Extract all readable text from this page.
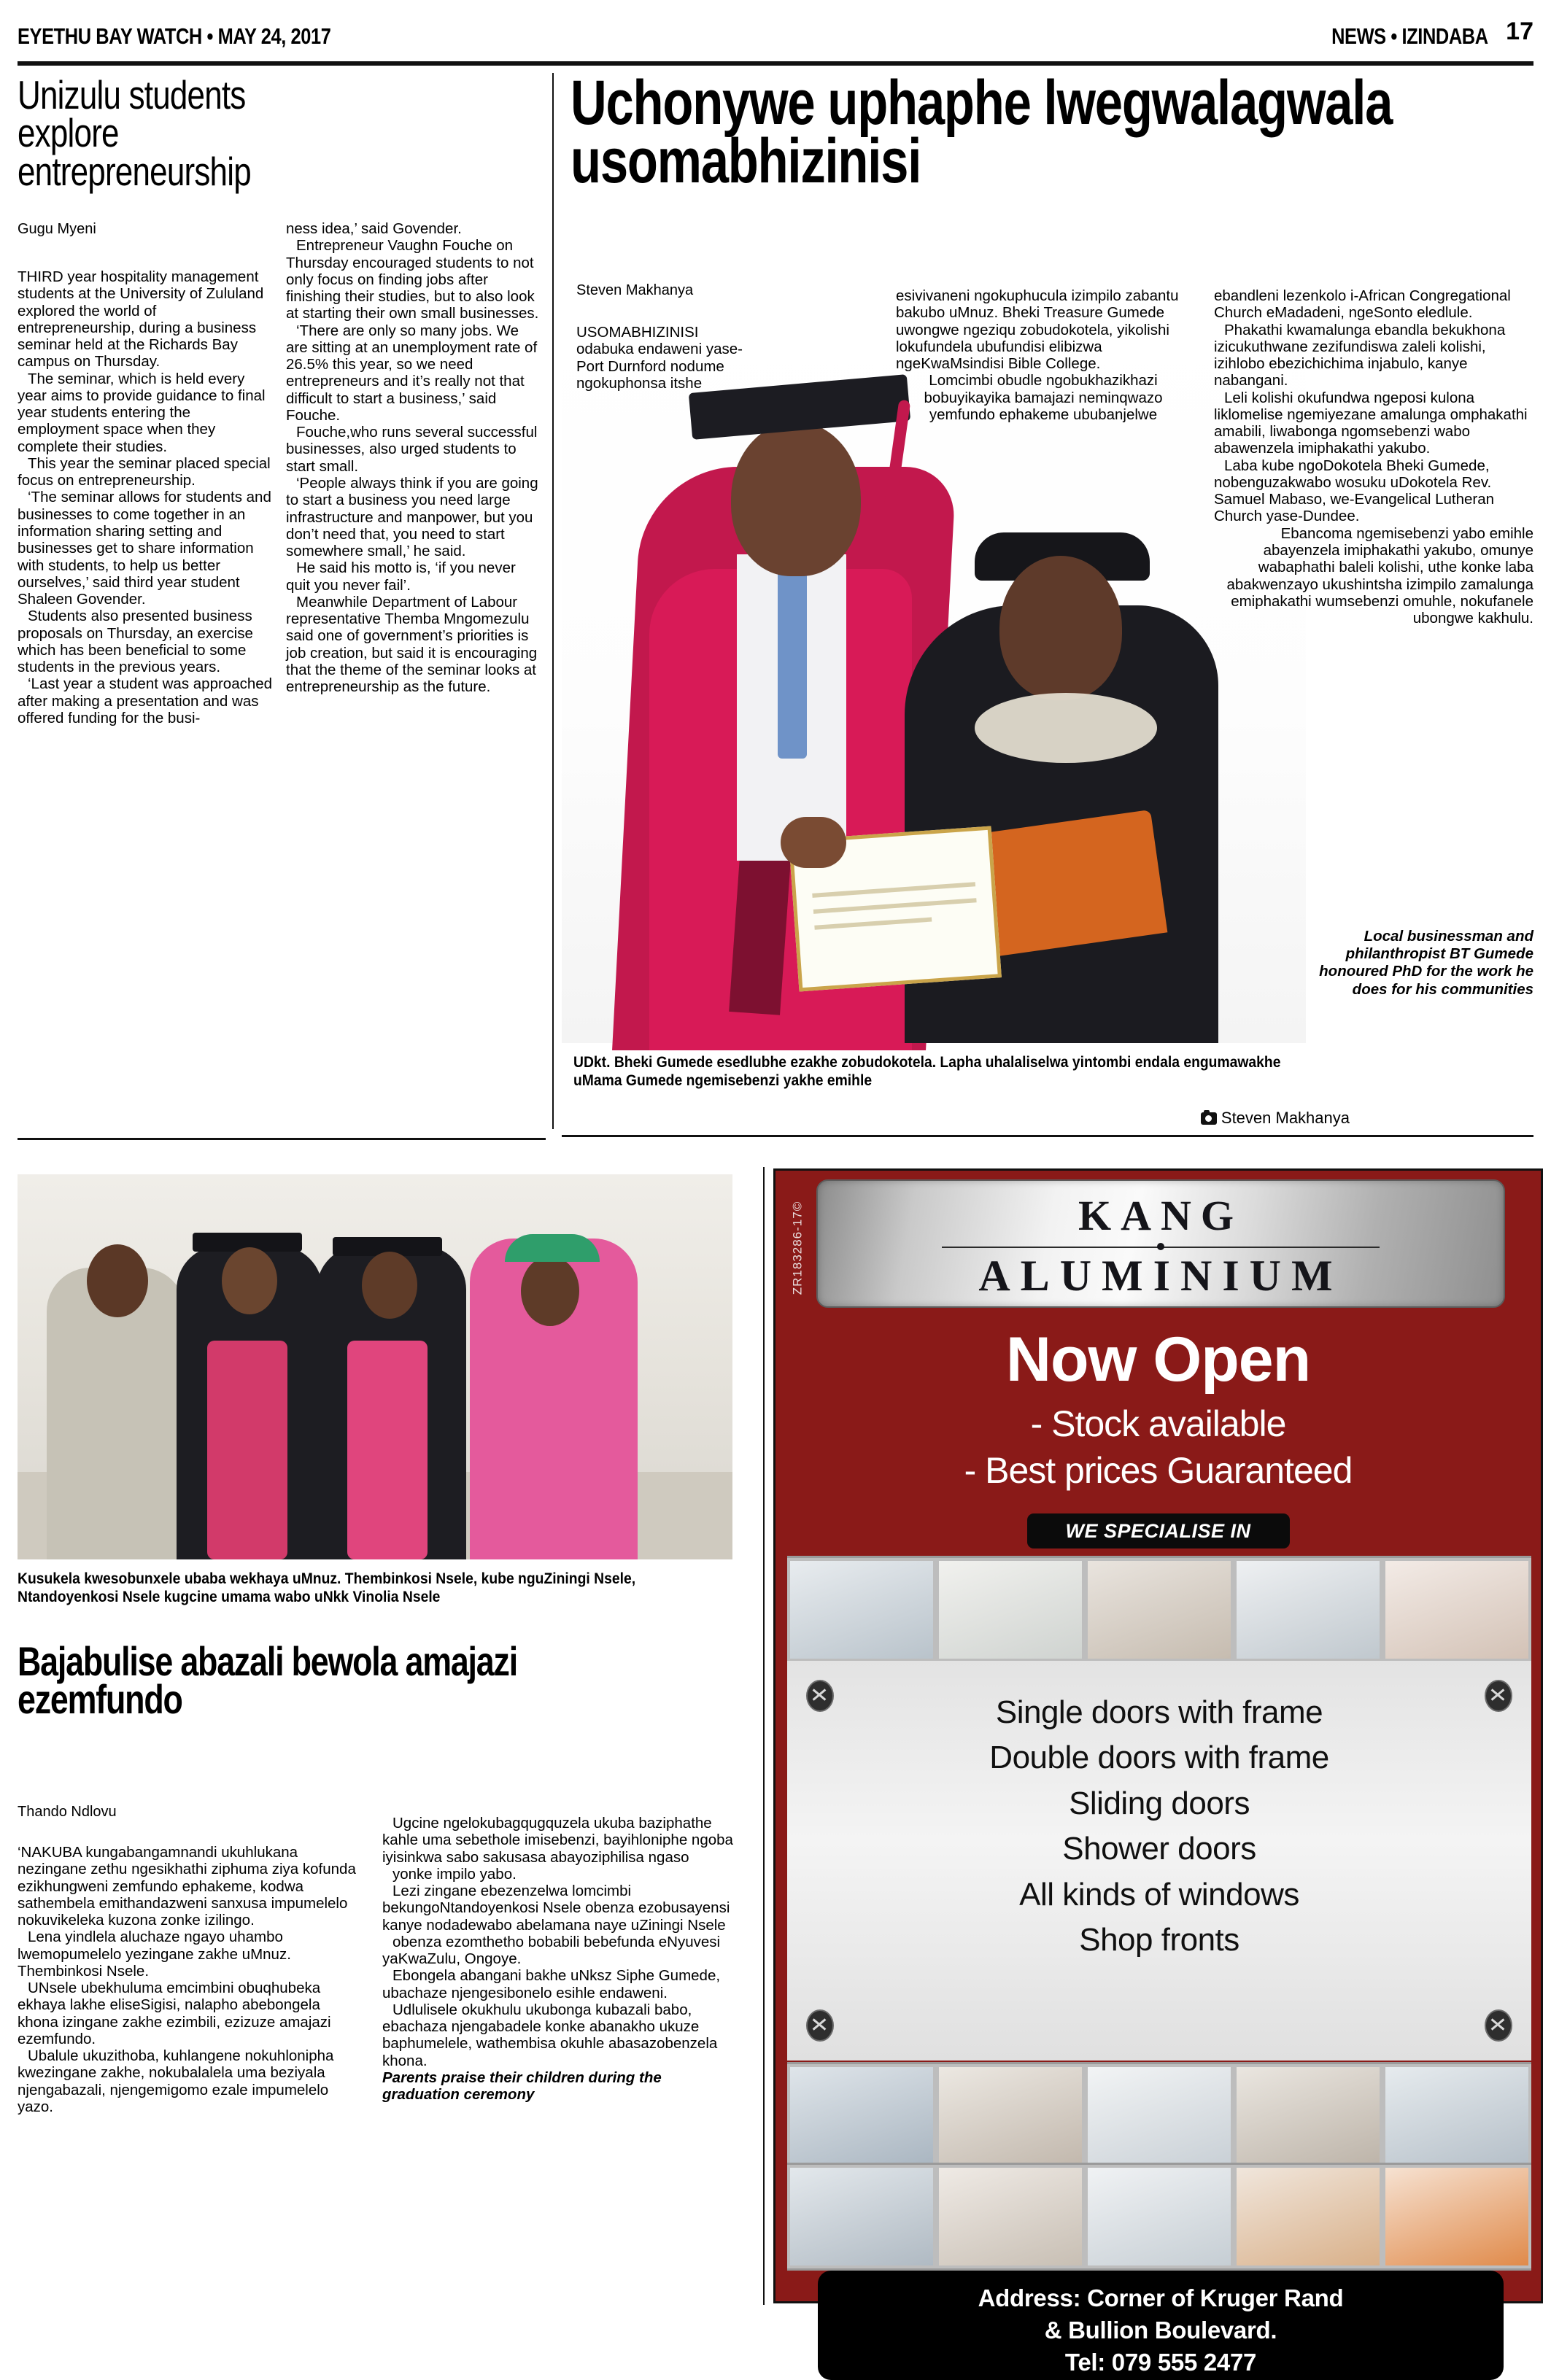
EYETHU BAY WATCH • MAY 24, 2017	NEWS • IZINDABA 17
Unizulu students explore entrepreneurship
Gugu Myeni

THIRD year hospitality management students at the University of Zululand explored the world of entrepreneurship, during a business seminar held at the Richards Bay campus on Thursday.

The seminar, which is held every year aims to provide guidance to final year students entering the employment space when they complete their studies.

This year the seminar placed special focus on entrepreneurship.

‘The seminar allows for students and businesses to come together in an information sharing setting and businesses get to share information with students, to help us better ourselves,’ said third year student Shaleen Govender.

Students also presented business proposals on Thursday, an exercise which has been beneficial to some students in the previous years.

‘Last year a student was approached after making a presentation and was offered funding for the busi-

ness idea,’ said Govender.

Entrepreneur Vaughn Fouche on Thursday encouraged students to not only focus on finding jobs after finishing their studies, but to also look at starting their own small businesses.

‘There are only so many jobs. We are sitting at an unemployment rate of 26.5% this year, so we need entrepreneurs and it’s really not that difficult to start a business,’ said Fouche.

Fouche,who runs several successful businesses, also urged students to start small.

‘People always think if you are going to start a business you need large infrastructure and manpower, but you don’t need that, you need to start somewhere small,’ he said.

He said his motto is, ‘if you never quit you never fail’.

Meanwhile Department of Labour representative Themba Mngomezulu said one of government’s priorities is job creation, but said it is encouraging that the theme of the seminar looks at entrepreneurship as the future.

Uchonywe uphaphe lwegwalagwala usomabhizinisi
Steven Makhanya

USOMABHIZINISI odabuka endaweni yase-Port Durnford nodume ngokuphonsa itshe

esivivaneni ngokuphucula izimpilo zabantu bakubo uMnuz. Bheki Treasure Gumede uwongwe ngeziqu zobudokotela, yikolishi lokufundela ubufundisi elibizwa ngeKwaMsindisi Bible College.

Lomcimbi obudle ngobukhazikhazi bobuyikayika bamajazi neminqwazo yemfundo ephakeme ububanjelwe

ebandleni lezenkolo i-African Congregational Church eMadadeni, ngeSonto eledlule.

Phakathi kwamalunga ebandla bekukhona izicukuthwane zezifundiswa zaleli kolishi, izihlobo ebezichichima injabulo, kanye nabangani.

Leli kolishi okufundwa ngeposi kulona liklomelise ngemiyezane amalunga omphakathi amabili, liwabonga ngomsebenzi wabo abawenzela imiphakathi yakubo.

Laba kube ngoDokotela Bheki Gumede, nobenguzakwabo wosuku uDokotela Rev. Samuel Mabaso, we-Evangelical Lutheran Church yase-Dundee.

Ebancoma ngemisebenzi yabo emihle abayenzela imiphakathi yakubo, omunye wabaphathi baleli kolishi, uthe konke laba abakwenzayo ukushintsha izimpilo zamalunga emiphakathi wumsebenzi omuhle, nokufanele ubongwe kakhulu.

Local businessman and philanthropist BT Gumede honoured PhD for the work he does for his communities
UDkt. Bheki Gumede esedlubhe ezakhe zobudokotela. Lapha uhalaliselwa yintombi endala engumawakhe uMama Gumede ngemisebenzi yakhe emihle
Steven Makhanya
Kusukela kwesobunxele ubaba wekhaya uMnuz. Thembinkosi Nsele, kube nguZiningi Nsele, Ntandoyenkosi Nsele kugcine umama wabo uNkk Vinolia Nsele
Bajabulise abazali bewola amajazi ezemfundo
Thando Ndlovu

‘NAKUBA kungabangamnandi ukuhlukana nezingane zethu ngesikhathi ziphuma ziya kofunda ezikhungweni zemfundo ephakeme, kodwa sathembela emithandazweni sanxusa impumelelo nokuvikeleka kuzona zonke izilingo.

Lena yindlela aluchaze ngayo uhambo lwemopumelelo yezingane zakhe uMnuz. Thembinkosi Nsele.

UNsele ubekhuluma emcimbini obuqhubeka ekhaya lakhe eliseSigisi, nalapho abebongela khona izingane zakhe ezimbili, ezizuze amajazi ezemfundo.

Ubalule ukuzithoba, kuhlangene nokuhlonipha kwezingane zakhe, nokubalalela uma beziyala njengabazali, njengemigomo ezale impumelelo yazo.

Ugcine ngelokubagqugquzela ukuba baziphathe kahle uma sebethole imisebenzi, bayihloniphe ngoba iyisinkwa sabo sakusasa abayoziphilisa ngaso

yonke impilo yabo.

Lezi zingane ebezenzelwa lomcimbi bekungoNtandoyenkosi Nsele obenza ezobusayensi kanye nodadewabo abelamana naye uZiningi Nsele

obenza ezomthetho bobabili bebefunda eNyuvesi yaKwaZulu, Ongoye.

Ebongela abangani bakhe uNksz Siphe Gumede, ubachaze njengesibonelo esihle endaweni.

Udlulisele okukhulu ukubonga kubazali babo, ebachaza njengabadele konke abanakho ukuze baphumelele, wathembisa okuhle abasazobenzela khona.

Parents praise their children during the graduation ceremony

ZR183286-17©	KANG
ALUMINIUM
Now Open
- Stock available
- Best prices Guaranteed
WE SPECIALISE IN
Single doors with frame
Double doors with frame
Sliding doors
Shower doors
All kinds of windows
Shop fronts
Address: Corner of Kruger Rand
& Bullion Boulevard.
Tel: 079 555 2477
